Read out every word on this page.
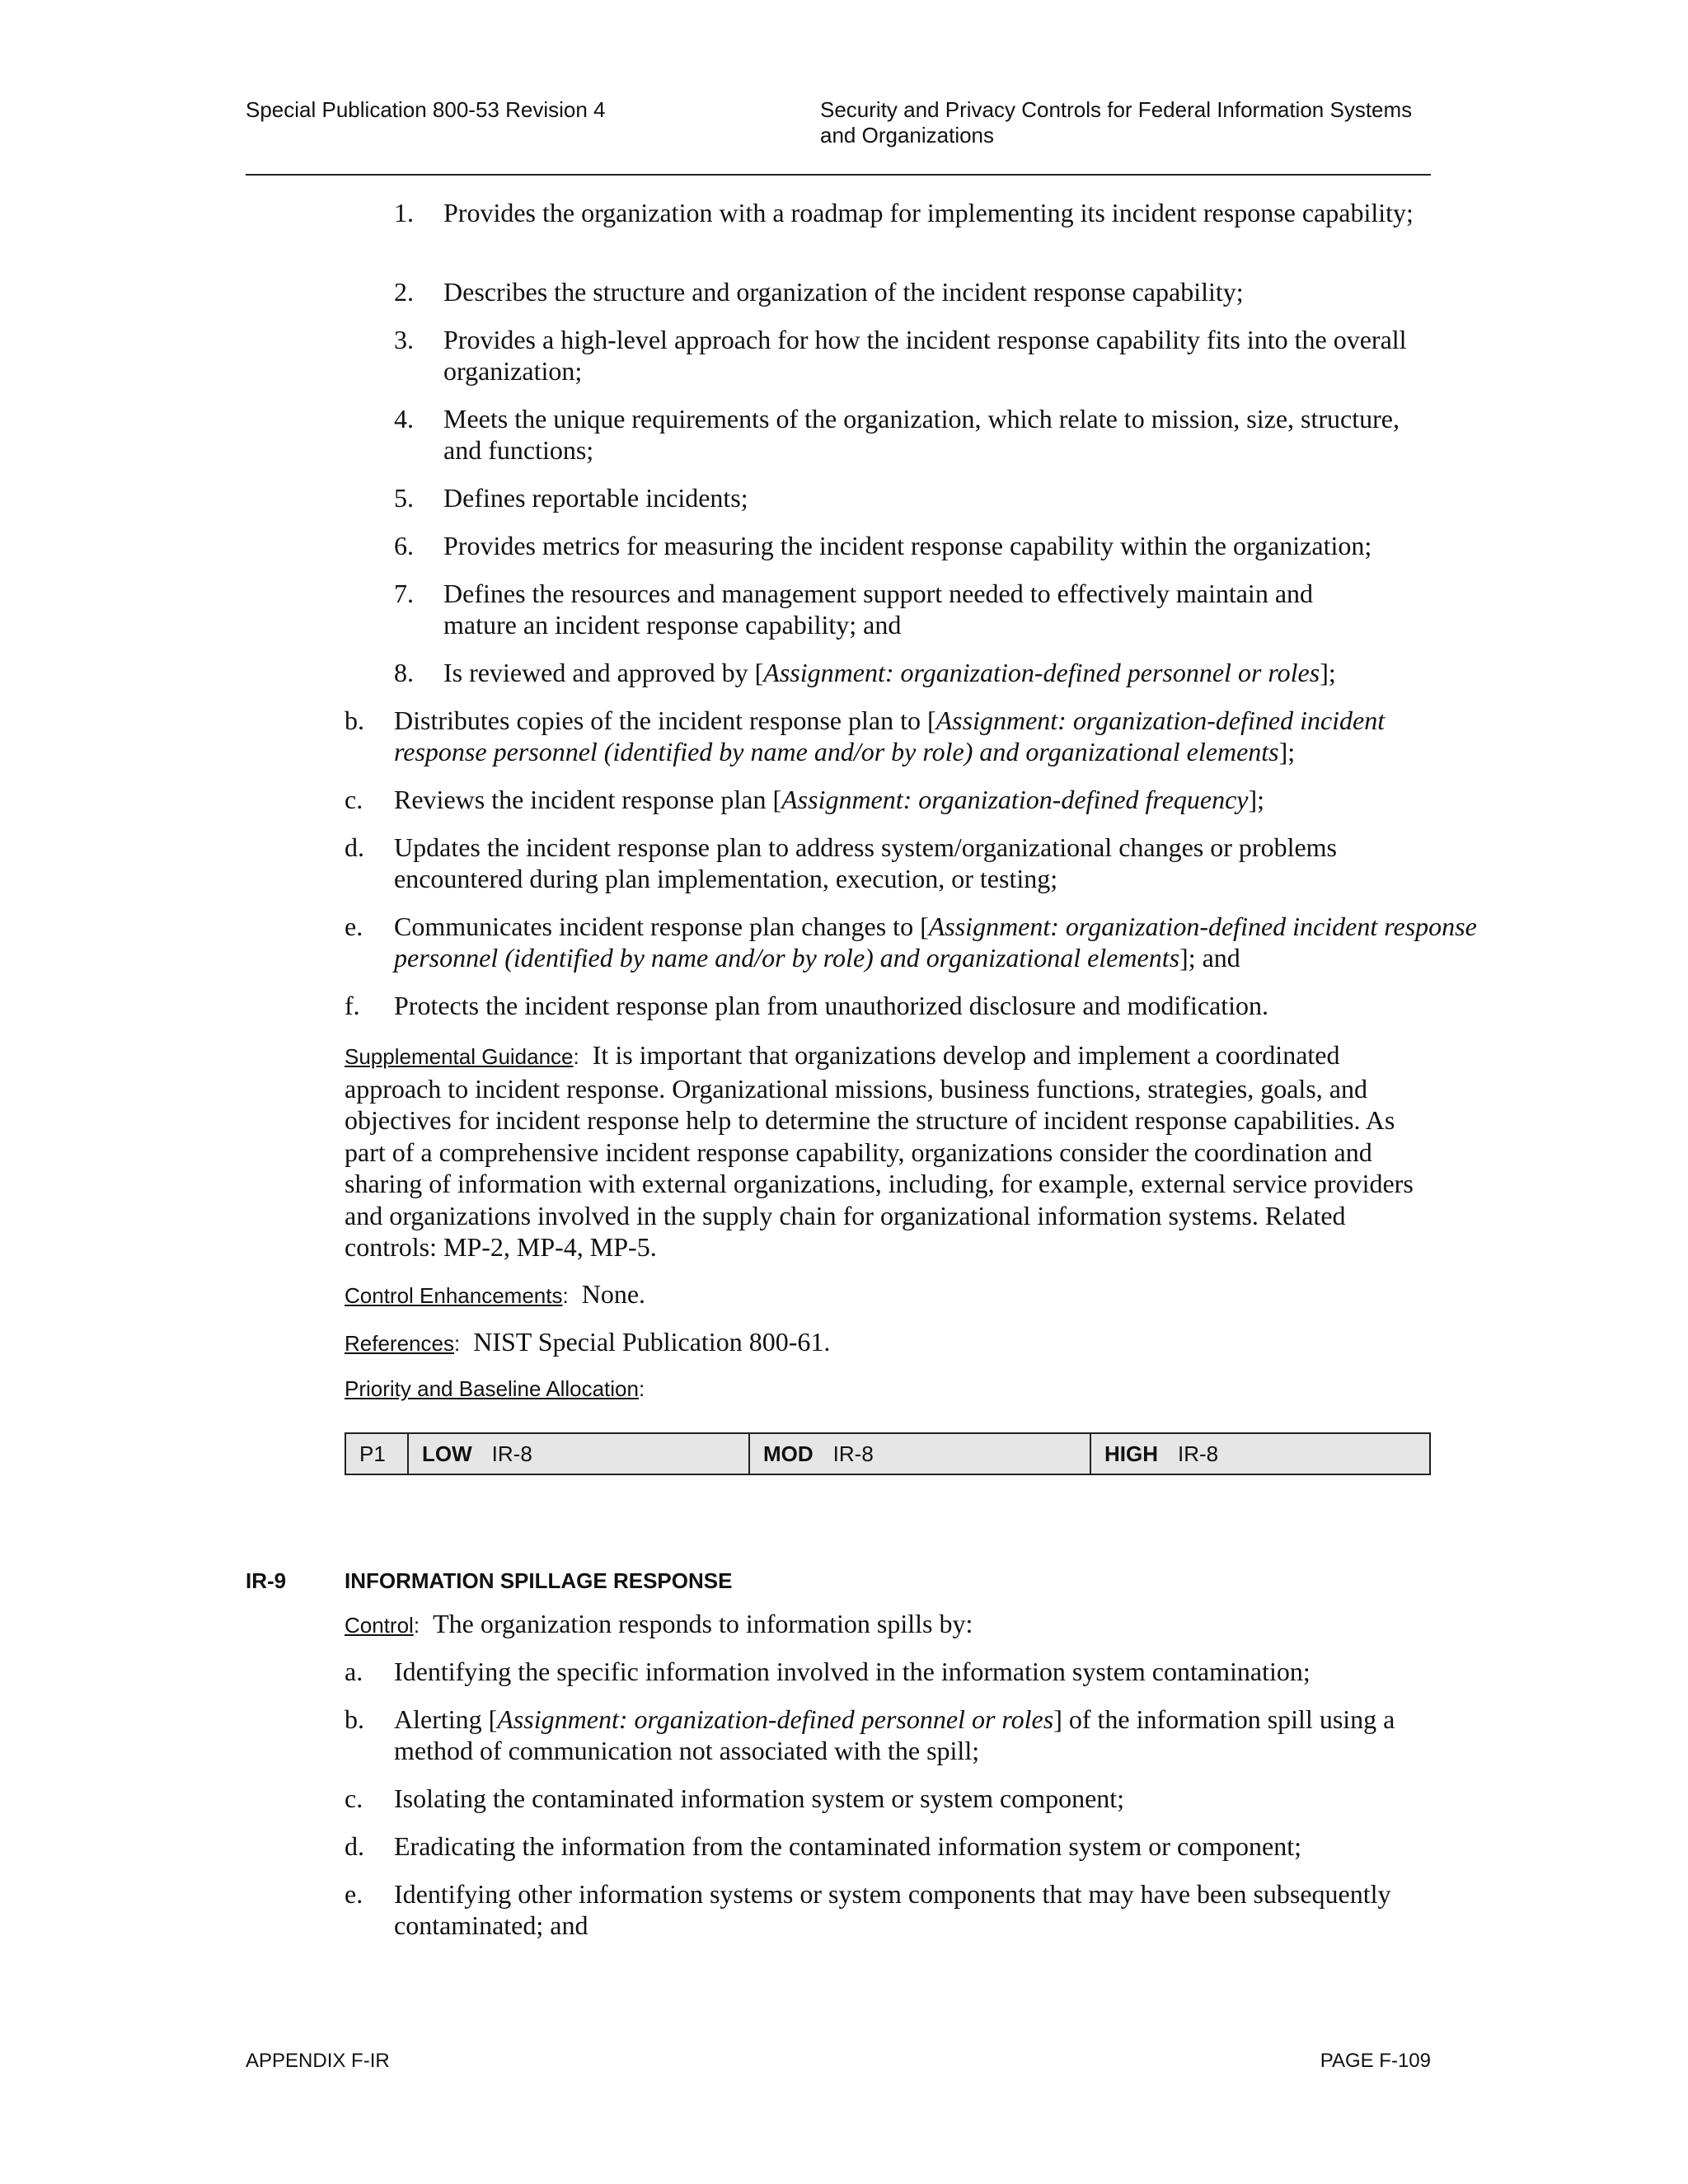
Special Publication 800-53 Revision 4	Security and Privacy Controls for Federal Information Systems
and Organizations
1. Provides the organization with a roadmap for implementing its incident response capability;
2. Describes the structure and organization of the incident response capability;
3. Provides a high-level approach for how the incident response capability fits into the overall organization;
4. Meets the unique requirements of the organization, which relate to mission, size, structure, and functions;
5. Defines reportable incidents;
6. Provides metrics for measuring the incident response capability within the organization;
7. Defines the resources and management support needed to effectively maintain and mature an incident response capability; and
8. Is reviewed and approved by [Assignment: organization-defined personnel or roles];
b. Distributes copies of the incident response plan to [Assignment: organization-defined incident response personnel (identified by name and/or by role) and organizational elements];
c. Reviews the incident response plan [Assignment: organization-defined frequency];
d. Updates the incident response plan to address system/organizational changes or problems encountered during plan implementation, execution, or testing;
e. Communicates incident response plan changes to [Assignment: organization-defined incident response personnel (identified by name and/or by role) and organizational elements]; and
f. Protects the incident response plan from unauthorized disclosure and modification.
Supplemental Guidance: It is important that organizations develop and implement a coordinated approach to incident response. Organizational missions, business functions, strategies, goals, and objectives for incident response help to determine the structure of incident response capabilities. As part of a comprehensive incident response capability, organizations consider the coordination and sharing of information with external organizations, including, for example, external service providers and organizations involved in the supply chain for organizational information systems. Related controls: MP-2, MP-4, MP-5.
Control Enhancements: None.
References: NIST Special Publication 800-61.
Priority and Baseline Allocation:
P1	LOW IR-8	MOD IR-8	HIGH IR-8
IR-9	INFORMATION SPILLAGE RESPONSE
Control: The organization responds to information spills by:
a. Identifying the specific information involved in the information system contamination;
b. Alerting [Assignment: organization-defined personnel or roles] of the information spill using a method of communication not associated with the spill;
c. Isolating the contaminated information system or system component;
d. Eradicating the information from the contaminated information system or component;
e. Identifying other information systems or system components that may have been subsequently contaminated; and
APPENDIX F-IR	PAGE F-109
